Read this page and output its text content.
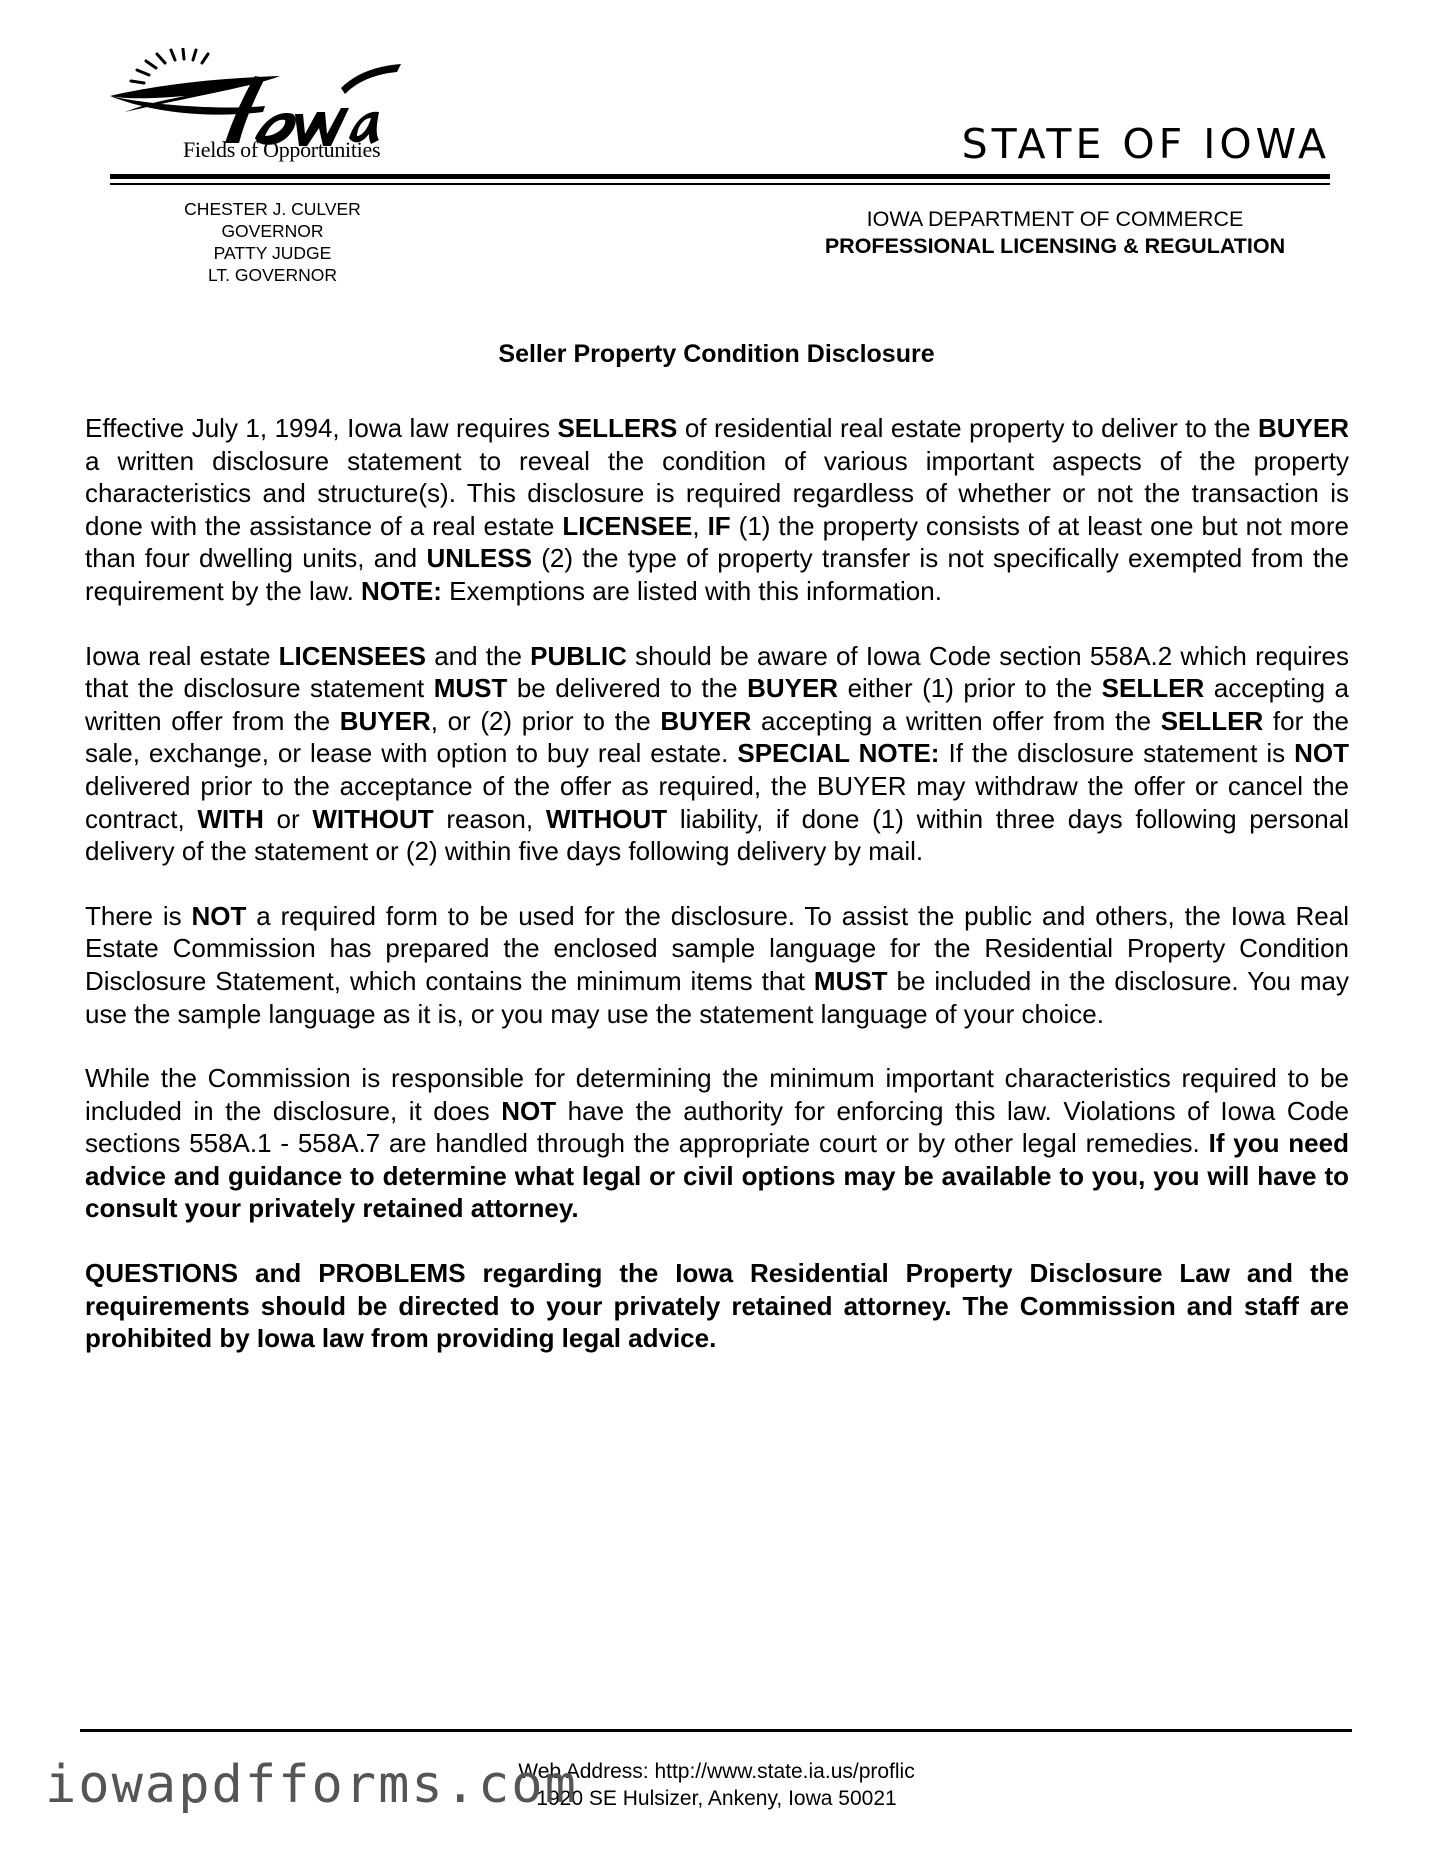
Fields of Opportunities	STATE OF IOWA
CHESTER J. CULVER
GOVERNOR
PATTY JUDGE
LT. GOVERNOR
IOWA DEPARTMENT OF COMMERCE
PROFESSIONAL LICENSING & REGULATION
Seller Property Condition Disclosure

Effective July 1, 1994, Iowa law requires SELLERS of residential real estate property to deliver to the BUYER a written disclosure statement to reveal the condition of various important aspects of the property characteristics and structure(s). This disclosure is required regardless of whether or not the transaction is done with the assistance of a real estate LICENSEE, IF (1) the property consists of at least one but not more than four dwelling units, and UNLESS (2) the type of property transfer is not specifically exempted from the requirement by the law. NOTE: Exemptions are listed with this information.

Iowa real estate LICENSEES and the PUBLIC should be aware of Iowa Code section 558A.2 which requires that the disclosure statement MUST be delivered to the BUYER either (1) prior to the SELLER accepting a written offer from the BUYER, or (2) prior to the BUYER accepting a written offer from the SELLER for the sale, exchange, or lease with option to buy real estate. SPECIAL NOTE: If the disclosure statement is NOT delivered prior to the acceptance of the offer as required, the BUYER may withdraw the offer or cancel the contract, WITH or WITHOUT reason, WITHOUT liability, if done (1) within three days following personal delivery of the statement or (2) within five days following delivery by mail.

There is NOT a required form to be used for the disclosure. To assist the public and others, the Iowa Real Estate Commission has prepared the enclosed sample language for the Residential Property Condition Disclosure Statement, which contains the minimum items that MUST be included in the disclosure. You may use the sample language as it is, or you may use the statement language of your choice.

While the Commission is responsible for determining the minimum important characteristics required to be included in the disclosure, it does NOT have the authority for enforcing this law. Violations of Iowa Code sections 558A.1 - 558A.7 are handled through the appropriate court or by other legal remedies. If you need advice and guidance to determine what legal or civil options may be available to you, you will have to consult your privately retained attorney.

QUESTIONS and PROBLEMS regarding the Iowa Residential Property Disclosure Law and the requirements should be directed to your privately retained attorney. The Commission and staff are prohibited by Iowa law from providing legal advice.

Web Address: http://www.state.ia.us/proflic
1920 SE Hulsizer, Ankeny, Iowa 50021
iowapdfforms.com
